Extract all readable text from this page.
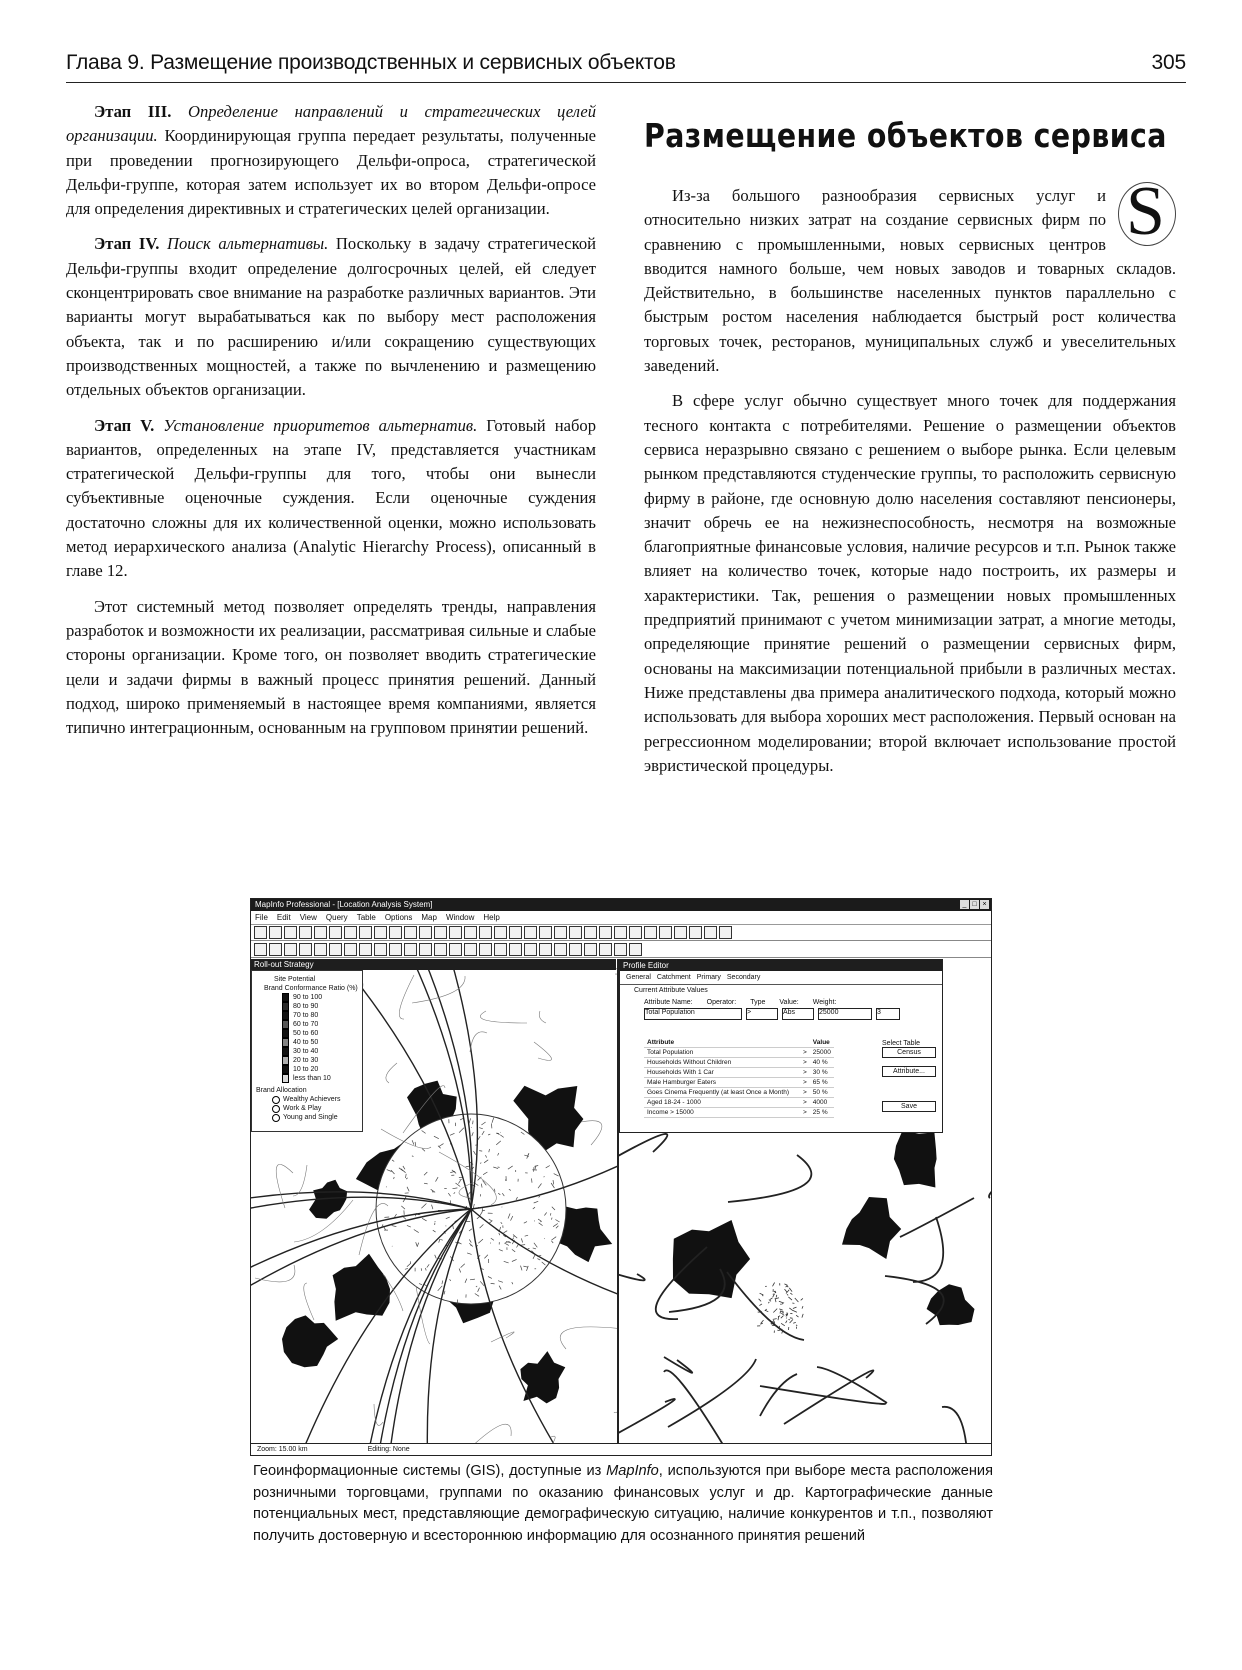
Глава 9. Размещение производственных и сервисных объектов	305

Этап III. Определение направлений и стратегических целей организации. Координирующая группа передает результаты, полученные при проведении прогнозирующего Дельфи-опроса, стратегической Дельфи-группе, которая затем использует их во втором Дельфи-опросе для определения директивных и стратегических целей организации.

Этап IV. Поиск альтернативы. Поскольку в задачу стратегической Дельфи-группы входит определение долгосрочных целей, ей следует сконцентрировать свое внимание на разработке различных вариантов. Эти варианты могут вырабатываться как по выбору мест расположения объекта, так и по расширению и/или сокращению существующих производственных мощностей, а также по вычленению и размещению отдельных объектов организации.

Этап V. Установление приоритетов альтернатив. Готовый набор вариантов, определенных на этапе IV, представляется участникам стратегической Дельфи-группы для того, чтобы они вынесли субъективные оценочные суждения. Если оценочные суждения достаточно сложны для их количественной оценки, можно использовать метод иерархического анализа (Analytic Hierarchy Process), описанный в главе 12.

Этот системный метод позволяет определять тренды, направления разработок и возможности их реализации, рассматривая сильные и слабые стороны организации. Кроме того, он позволяет вводить стратегические цели и задачи фирмы в важный процесс принятия решений. Данный подход, широко применяемый в настоящее время компаниями, является типично интеграционным, основанным на групповом принятии решений.

Размещение объектов сервиса
S

Из-за большого разнообразия сервисных услуг и относительно низких затрат на создание сервисных фирм по сравнению с промышленными, новых сервисных центров вводится намного больше, чем новых заводов и товарных складов. Действительно, в большинстве населенных пунктов параллельно с быстрым ростом населения наблюдается быстрый рост количества торговых точек, ресторанов, муниципальных служб и увеселительных заведений.

В сфере услуг обычно существует много точек для поддержания тесного контакта с потребителями. Решение о размещении объектов сервиса неразрывно связано с решением о выборе рынка. Если целевым рынком представляются студенческие группы, то расположить сервисную фирму в районе, где основную долю населения составляют пенсионеры, значит обречь ее на нежизнеспособность, несмотря на возможные благоприятные финансовые условия, наличие ресурсов и т.п. Рынок также влияет на количество точек, которые надо построить, их размеры и характеристики. Так, решения о размещении новых промышленных предприятий принимают с учетом минимизации затрат, а многие методы, определяющие принятие решений о размещении сервисных фирм, основаны на максимизации потенциальной прибыли в различных местах. Ниже представлены два примера аналитического подхода, который можно использовать для выбора хороших мест расположения. Первый основан на регрессионном моделировании; второй включает использование простой эвристической процедуры.

MapInfo Professional - [Location Analysis System]	_ □ ×
File Edit View Query Table Options Map Window Help
Roll-out Strategy
Site Potential
Brand Conformance Ratio (%)
90 to 100
80 to 90
70 to 80
60 to 70
50 to 60
40 to 50
30 to 40
20 to 30
10 to 20
less than 10
Brand Allocation
Wealthy Achievers
Work & Play
Young and Single
Profile Editor
General Catchment Primary Secondary
Current Attribute Values
Attribute Name: Operator: Type Value: Weight:
Total Population	>	Abs	25000	3
Attribute		Value
Total Population	>	25000
Households Without Children	>	40 %
Households With 1 Car	>	30 %
Male Hamburger Eaters	>	65 %
Goes Cinema Frequently (at least Once a Month)	>	50 %
Aged 18-24 - 1000	>	4000
Income > 15000	>	25 %
Select Table
Census
Attribute...
Save
Zoom: 15.00 km	Editing: None
Геоинформационные системы (GIS), доступные из MapInfo, используются при выборе места расположения розничными торговцами, группами по оказанию финансовых услуг и др. Картографические данные потенциальных мест, представляющие демографическую ситуацию, наличие конкурентов и т.п., позволяют получить достоверную и всестороннюю информацию для осознанного принятия решений
